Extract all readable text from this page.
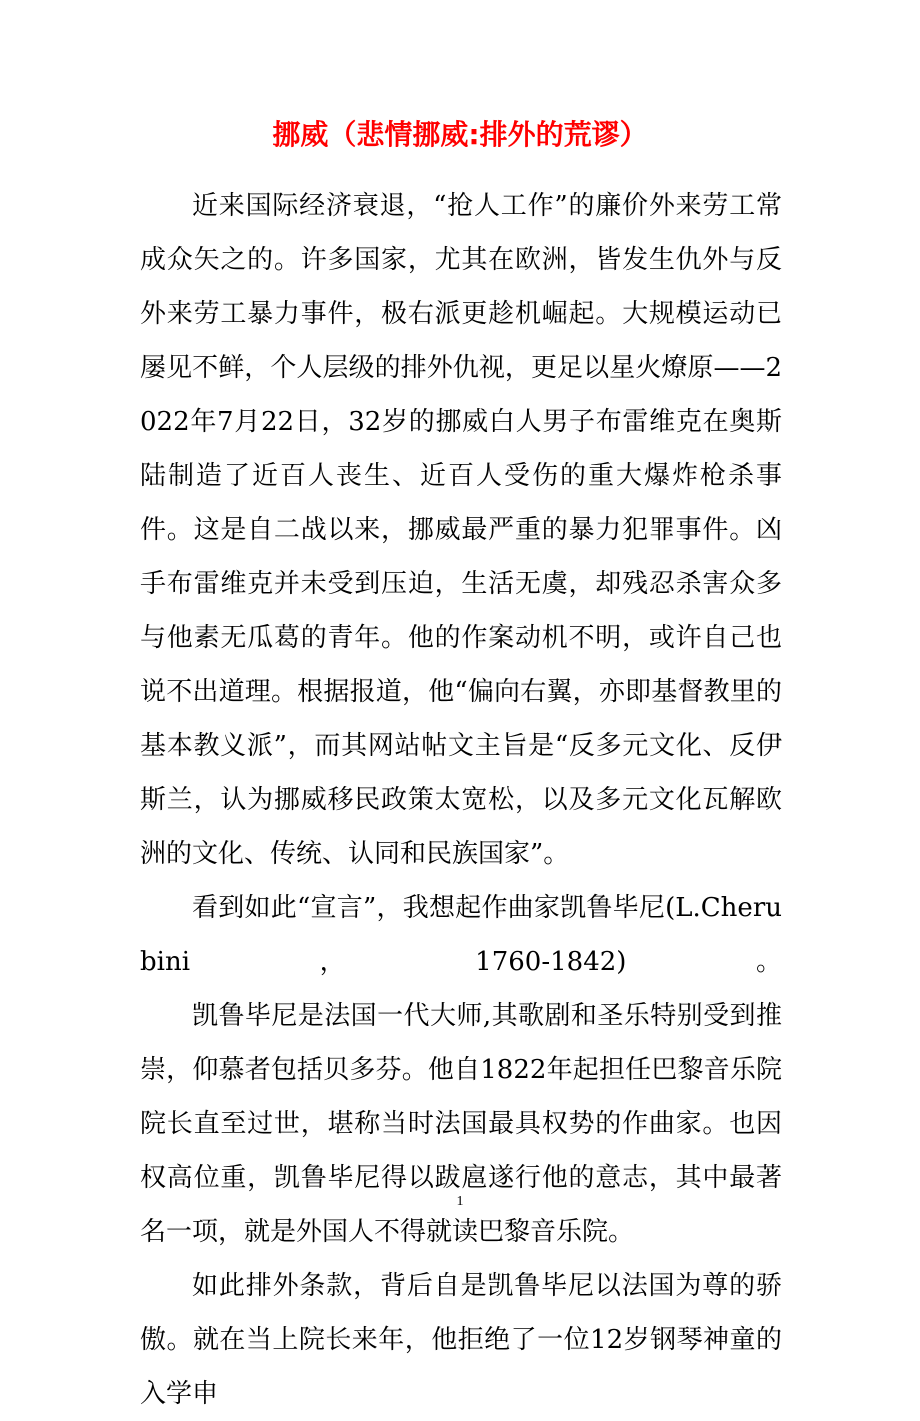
挪威（悲情挪威:排外的荒谬）

近来国际经济衰退，“抢人工作”的廉价外来劳工常成众矢之的。许多国家，尤其在欧洲，皆发生仇外与反外来劳工暴力事件，极右派更趁机崛起。大规模运动已屡见不鲜，个人层级的排外仇视，更足以星火燎原——2022年7月22日，32岁的挪威白人男子布雷维克在奥斯陆制造了近百人丧生、近百人受伤的重大爆炸枪杀事件。这是自二战以来，挪威最严重的暴力犯罪事件。凶手布雷维克并未受到压迫，生活无虞，却残忍杀害众多与他素无瓜葛的青年。他的作案动机不明，或许自己也说不出道理。根据报道，他“偏向右翼，亦即基督教里的基本教义派”，而其网站帖文主旨是“反多元文化、反伊斯兰，认为挪威移民政策太宽松，以及多元文化瓦解欧洲的文化、传统、认同和民族国家”。

看到如此“宣言”，我想起作曲家凯鲁毕尼(L.Cherubini，1760-1842)。

凯鲁毕尼是法国一代大师,其歌剧和圣乐特别受到推崇，仰慕者包括贝多芬。他自1822年起担任巴黎音乐院院长直至过世，堪称当时法国最具权势的作曲家。也因权高位重，凯鲁毕尼得以跋扈遂行他的意志，其中最著名一项，就是外国人不得就读巴黎音乐院。

如此排外条款，背后自是凯鲁毕尼以法国为尊的骄傲。就在当上院长来年，他拒绝了一位12岁钢琴神童的入学申

1
